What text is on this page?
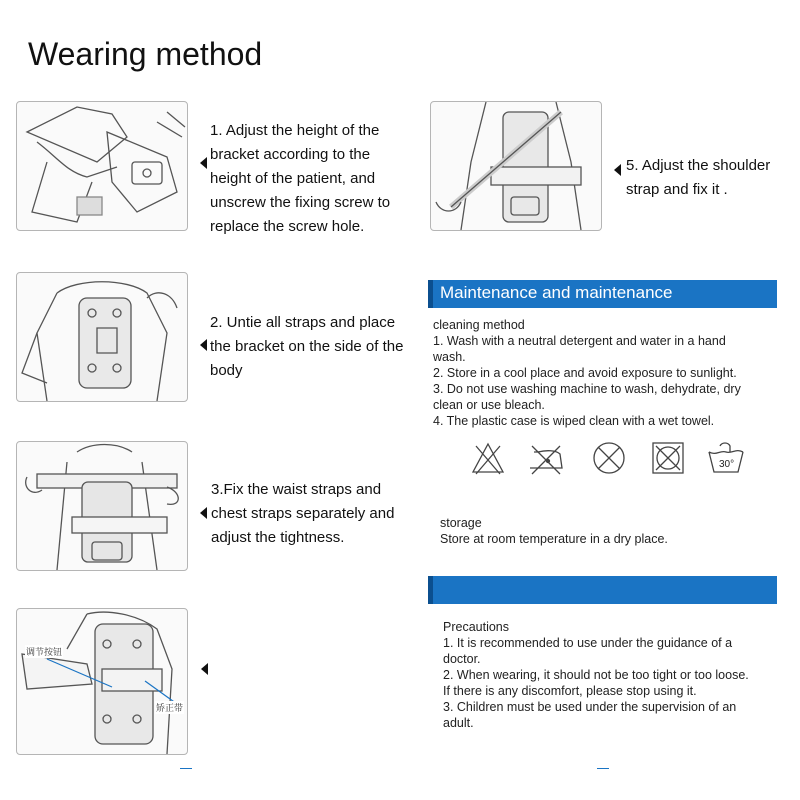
Wearing method
1. Adjust the height of the
bracket according to the
height of the patient, and
unscrew the fixing screw to
replace the screw hole.
2. Untie all straps and place
the bracket on the side of the
body
3.Fix the waist straps and
chest straps separately and
adjust the tightness.
调节按钮
矫正带
5. Adjust the shoulder
strap and fix it .
Maintenance and maintenance
cleaning method
1. Wash with a neutral detergent and water in a hand
wash.
2. Store in a cool place and avoid exposure to sunlight.
3. Do not use washing machine to wash, dehydrate, dry
clean or use bleach.
4. The plastic case is wiped clean with a wet towel.
30°
storage
Store at room temperature in a dry place.
Precautions
1. It is recommended to use under the guidance of a
doctor.
2. When wearing, it should not be too tight or too loose.
If there is any discomfort, please stop using it.
3. Children must be used under the supervision of an
adult.
